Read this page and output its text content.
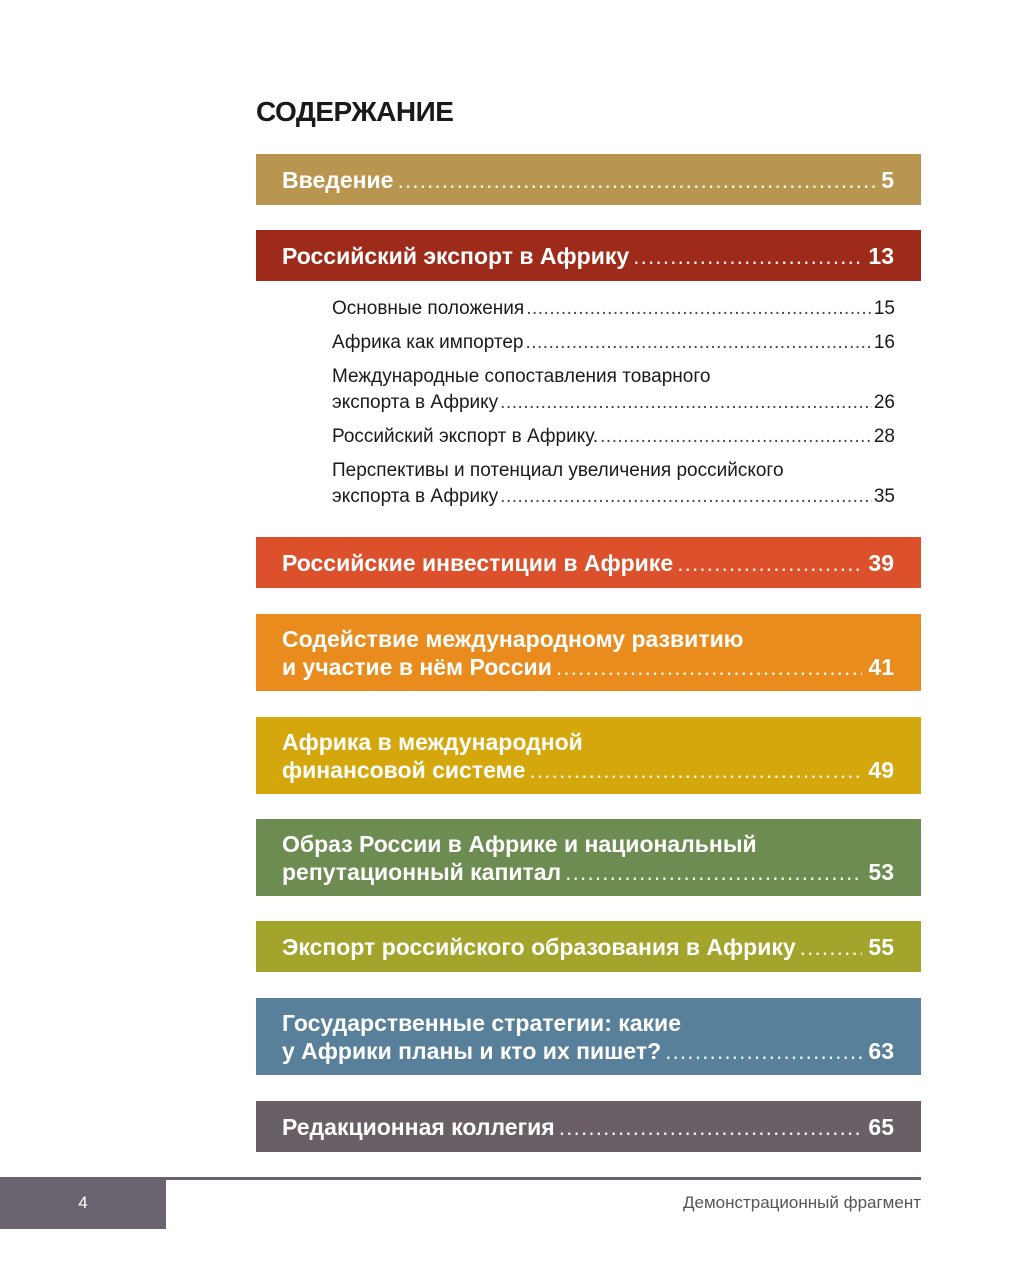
СОДЕРЖАНИЕ
Введение .....	5
Российский экспорт в Африку .....	13
Основные положения .....	15
Африка как импортер .....	16
Международные сопоставления товарного
экспорта в Африку .....	26
Российский экспорт в Африку. .....	28
Перспективы и потенциал увеличения российского
экспорта в Африку .....	35
Российские инвестиции в Африке .....	39
Содействие международному развитию
и участие в нём России .....	41
Африка в международной
финансовой системе .....	49
Образ России в Африке и национальный
репутационный капитал .....	53
Экспорт российского образования в Африку .....	55
Государственные стратегии: какие
у Африки планы и кто их пишет? .....	63
Редакционная коллегия .....	65
4	Демонстрационный фрагмент
